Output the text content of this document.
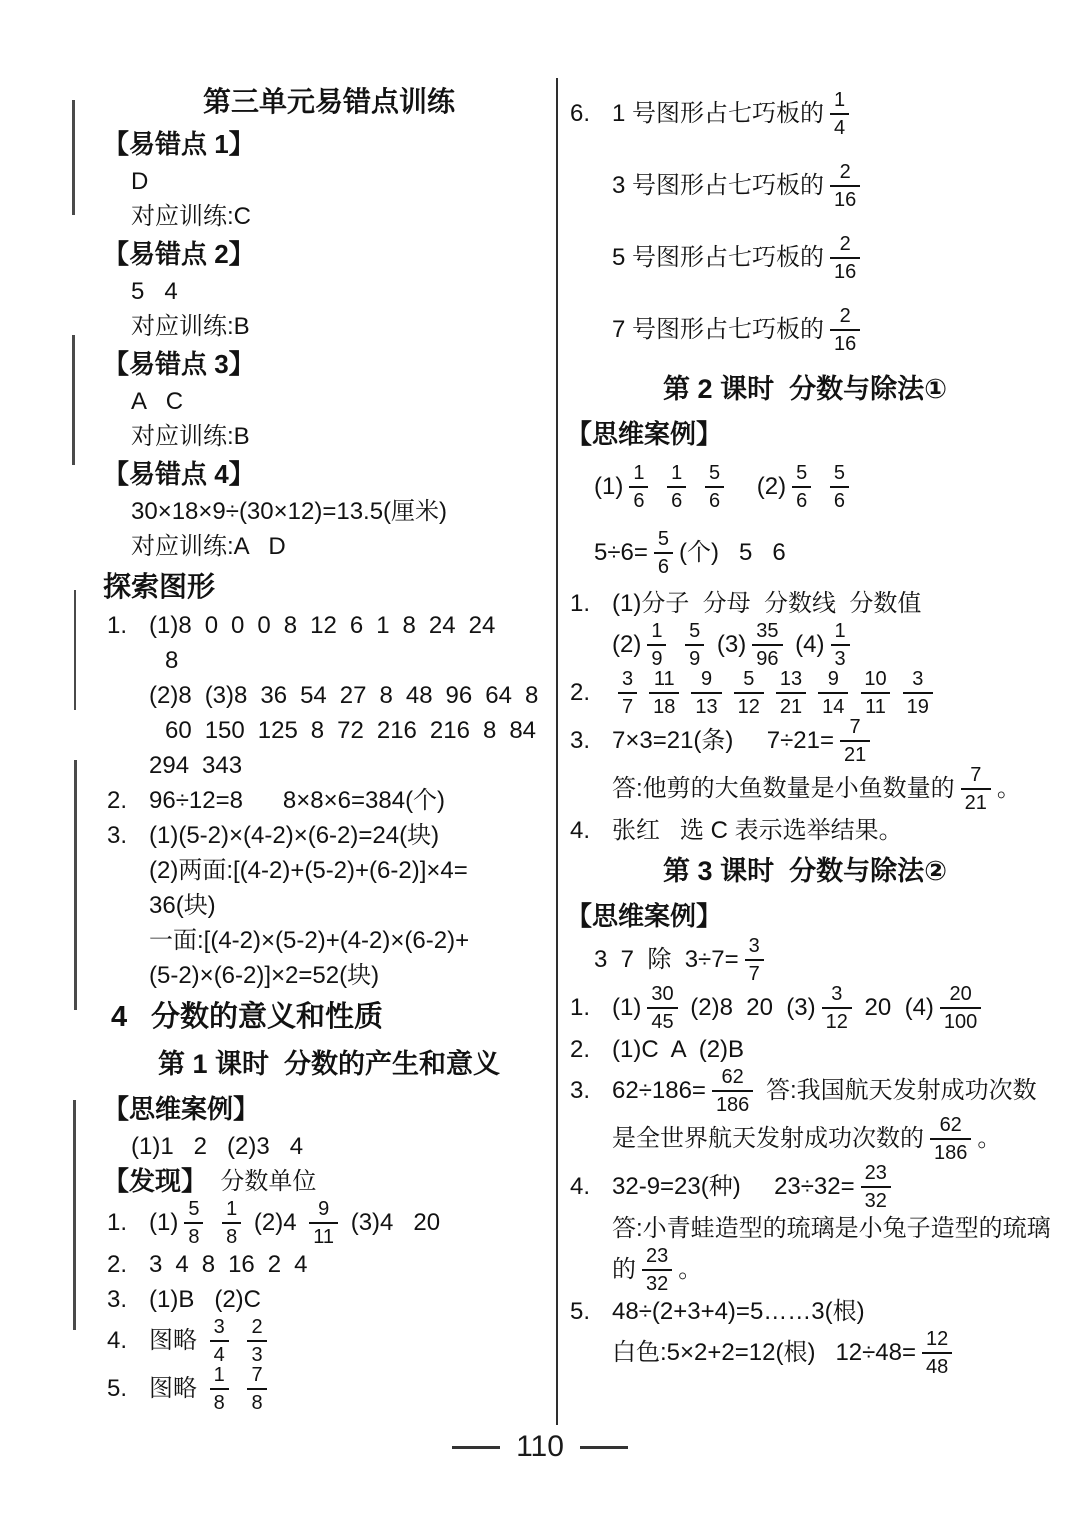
第三单元易错点训练
【易错点 1】
D
对应训练:C
【易错点 2】
5   4
对应训练:B
【易错点 3】
A   C
对应训练:B
【易错点 4】
30×18×9÷(30×12)=13.5(厘米)
对应训练:A   D
探索图形
1. (1)8 0 0 0 8 12 6 1 8 24 24
8
(2)8 (3)8 36 54 27 8 48 96 64 8
60 150 125 8 72 216 216 8 84
294 343
2. 96÷12=8      8×8×6=384(个)
3. (1)(5-2)×(4-2)×(6-2)=24(块)
(2)两面:[(4-2)+(5-2)+(6-2)]×4=
36(块)
一面:[(4-2)×(5-2)+(4-2)×(6-2)+
(5-2)×(6-2)]×2=52(块)
4 分数的意义和性质
第 1 课时  分数的产生和意义
【思维案例】
(1)1   2   (2)3   4
【发现】 分数单位
1. $(1) \frac{5}{8}$
$\frac{1}{8} (2)4 \frac{9}{11} (3)4$   20
2. 3 4 8 16 2 4
3. (1)B   (2)C
4. 图略 $\frac{3}{4}$
$\frac{2}{3}$
5. 图略 $\frac{1}{8}$
$\frac{7}{8}$
6. 1 号图形占七巧板的 $\frac{1}{4}$
3 号图形占七巧板的 $\frac{2}{16}$
5 号图形占七巧板的 $\frac{2}{16}$
7 号图形占七巧板的 $\frac{2}{16}$
第 2 课时  分数与除法①
【思维案例】
$(1) \frac{1}{6}$
$\frac{1}{6}$
$\frac{5}{6} (2) \frac{5}{6}$
$\frac{5}{6}$
$5\div 6= \frac{5}{6}$ (个)   5   6
1. (1)分子  分母  分数线  分数值
$(2) \frac{1}{9}$
$\frac{5}{9} (3) \frac{35}{96} (4) \frac{1}{3}$
2.	$\frac{3}{7} \frac{11}{18} \frac{9}{13} \frac{5}{12} \frac{13}{21} \frac{9}{14} \frac{10}{11} \frac{3}{19}$
3. 7×3=21(条)     $7\div 21= \frac{7}{21}$
答:他剪的大鱼数量是小鱼数量的 $\frac{7}{21}$ 。
4. 张红   选 C 表示选举结果。
第 3 课时  分数与除法②
【思维案例】
3  7  除  $3\div 7= \frac{3}{7}$
1. $(1) \frac{30}{45} (2)8$  20  $(3) \frac{3}{12} 20$  $(4) \frac{20}{100}$
2. (1)C  A  (2)B
3. $62\div 186= \frac{62}{186}$ 答:我国航天发射成功次数
是全世界航天发射成功次数的 $\frac{62}{186}$ 。
4. 32-9=23(种)     $23\div 32= \frac{23}{32}$
答:小青蛙造型的琉璃是小兔子造型的琉璃
的 $\frac{23}{32}$ 。
5. 48÷(2+3+4)=5……3(根)
白色:5×2+2=12(根)   $12\div 48= \frac{12}{48}$
110
